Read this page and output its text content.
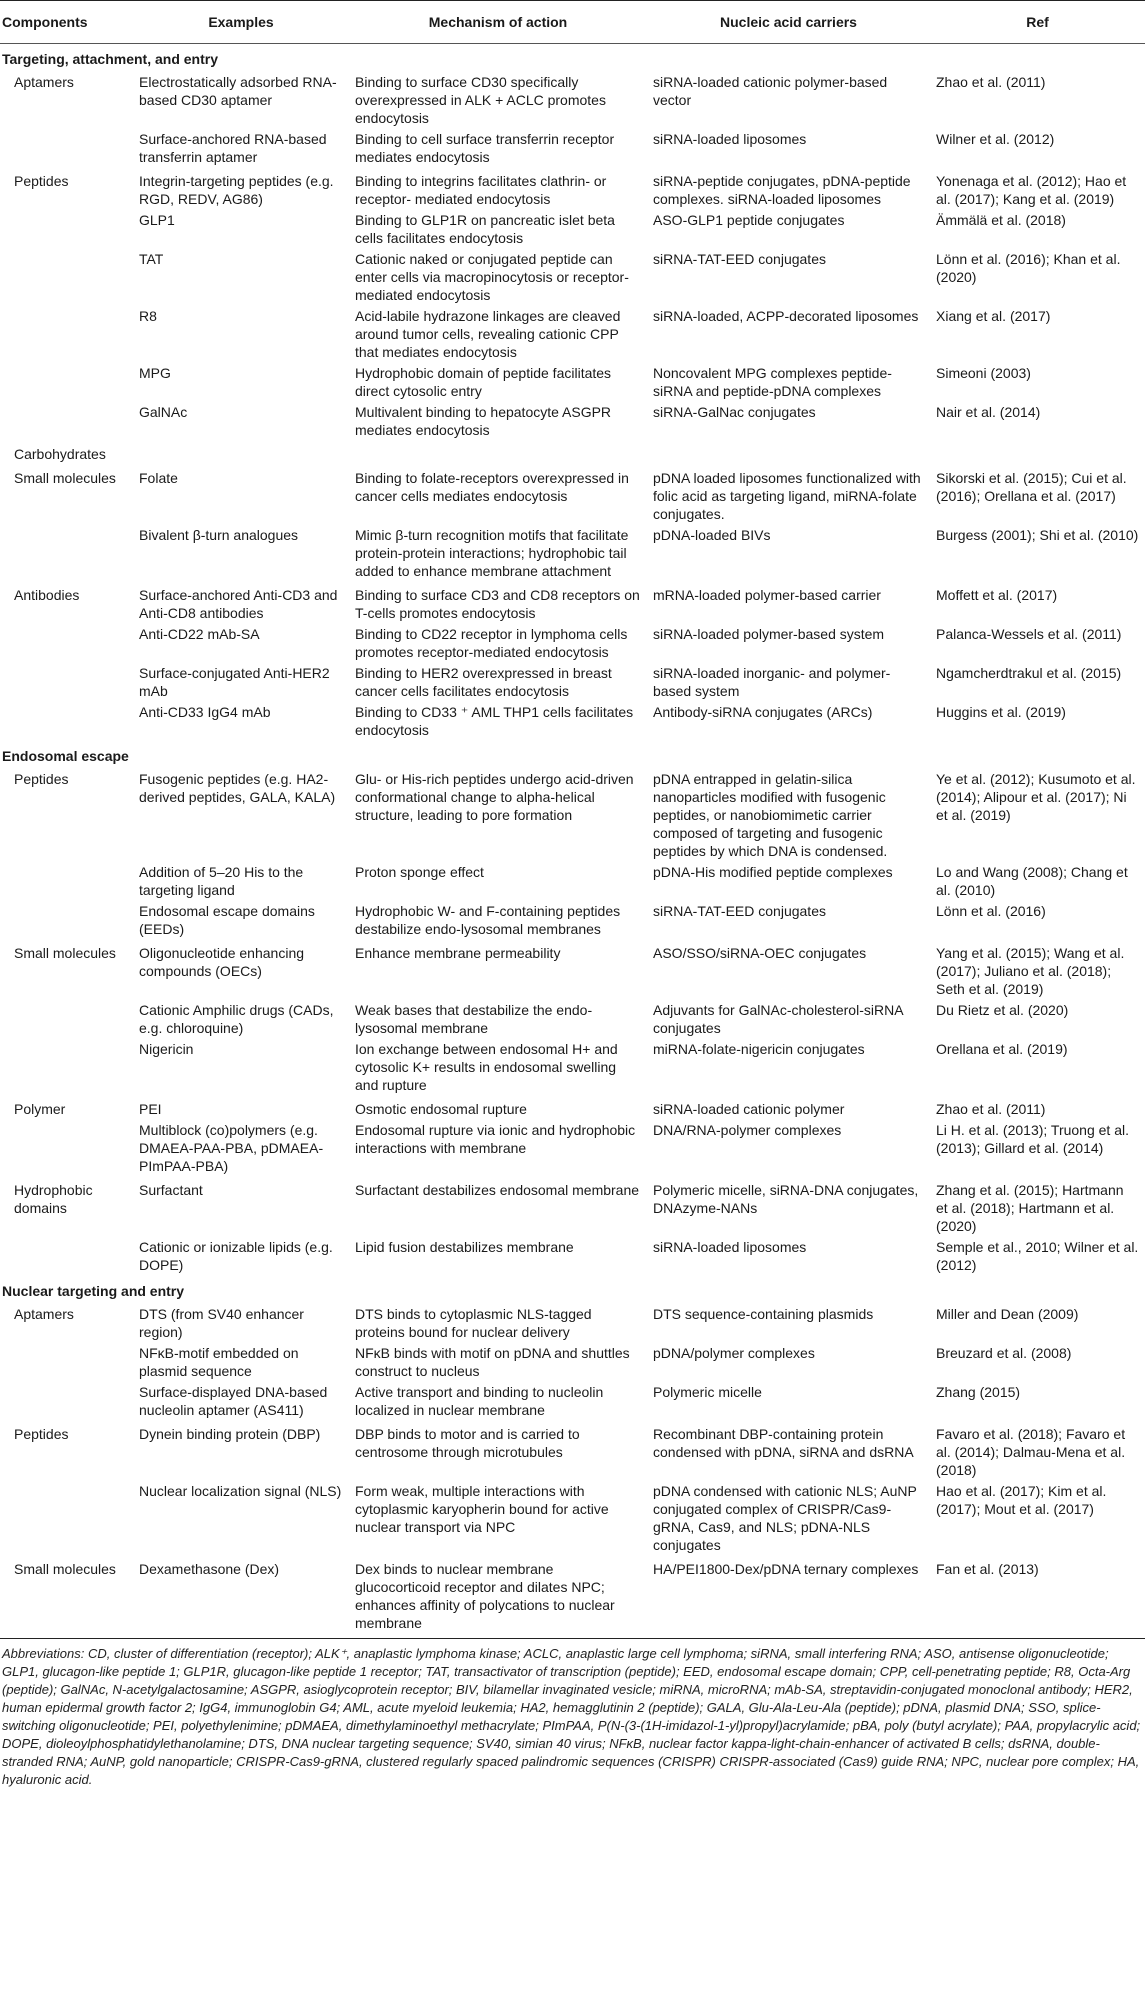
Components	Examples	Mechanism of action	Nucleic acid carriers	Ref
Targeting, attachment, and entry				
Aptamers	Electrostatically adsorbed RNA-based CD30 aptamer	Binding to surface CD30 specifically overexpressed in ALK + ACLC promotes endocytosis	siRNA-loaded cationic polymer-based vector	Zhao et al. (2011)
	Surface-anchored RNA-based transferrin aptamer	Binding to cell surface transferrin receptor mediates endocytosis	siRNA-loaded liposomes	Wilner et al. (2012)
Peptides	Integrin-targeting peptides (e.g. RGD, REDV, AG86)	Binding to integrins facilitates clathrin- or receptor- mediated endocytosis	siRNA-peptide conjugates, pDNA-peptide complexes. siRNA-loaded liposomes	Yonenaga et al. (2012); Hao et al. (2017); Kang et al. (2019)
	GLP1	Binding to GLP1R on pancreatic islet beta cells facilitates endocytosis	ASO-GLP1 peptide conjugates	Ämmälä et al. (2018)
	TAT	Cationic naked or conjugated peptide can enter cells via macropinocytosis or receptor-mediated endocytosis	siRNA-TAT-EED conjugates	Lönn et al. (2016); Khan et al. (2020)
	R8	Acid-labile hydrazone linkages are cleaved around tumor cells, revealing cationic CPP that mediates endocytosis	siRNA-loaded, ACPP-decorated liposomes	Xiang et al. (2017)
	MPG	Hydrophobic domain of peptide facilitates direct cytosolic entry	Noncovalent MPG complexes peptide-siRNA and peptide-pDNA complexes	Simeoni (2003)
	GalNAc	Multivalent binding to hepatocyte ASGPR mediates endocytosis	siRNA-GalNac conjugates	Nair et al. (2014)
Carbohydrates				
Small molecules	Folate	Binding to folate-receptors overexpressed in cancer cells mediates endocytosis	pDNA loaded liposomes functionalized with folic acid as targeting ligand, miRNA-folate conjugates.	Sikorski et al. (2015); Cui et al. (2016); Orellana et al. (2017)
	Bivalent β-turn analogues	Mimic β-turn recognition motifs that facilitate protein-protein interactions; hydrophobic tail added to enhance membrane attachment	pDNA-loaded BIVs	Burgess (2001); Shi et al. (2010)
Antibodies	Surface-anchored Anti-CD3 and Anti-CD8 antibodies	Binding to surface CD3 and CD8 receptors on T-cells promotes endocytosis	mRNA-loaded polymer-based carrier	Moffett et al. (2017)
	Anti-CD22 mAb-SA	Binding to CD22 receptor in lymphoma cells promotes receptor-mediated endocytosis	siRNA-loaded polymer-based system	Palanca-Wessels et al. (2011)
	Surface-conjugated Anti-HER2 mAb	Binding to HER2 overexpressed in breast cancer cells facilitates endocytosis	siRNA-loaded inorganic- and polymer-based system	Ngamcherdtrakul et al. (2015)
	Anti-CD33 IgG4 mAb	Binding to CD33 ⁺ AML THP1 cells facilitates endocytosis	Antibody-siRNA conjugates (ARCs)	Huggins et al. (2019)
Endosomal escape				
Peptides	Fusogenic peptides (e.g. HA2-derived peptides, GALA, KALA)	Glu- or His-rich peptides undergo acid-driven conformational change to alpha-helical structure, leading to pore formation	pDNA entrapped in gelatin-silica nanoparticles modified with fusogenic peptides, or nanobiomimetic carrier composed of targeting and fusogenic peptides by which DNA is condensed.	Ye et al. (2012); Kusumoto et al. (2014); Alipour et al. (2017); Ni et al. (2019)
	Addition of 5–20 His to the targeting ligand	Proton sponge effect	pDNA-His modified peptide complexes	Lo and Wang (2008); Chang et al. (2010)
	Endosomal escape domains (EEDs)	Hydrophobic W- and F-containing peptides destabilize endo-lysosomal membranes	siRNA-TAT-EED conjugates	Lönn et al. (2016)
Small molecules	Oligonucleotide enhancing compounds (OECs)	Enhance membrane permeability	ASO/SSO/siRNA-OEC conjugates	Yang et al. (2015); Wang et al. (2017); Juliano et al. (2018); Seth et al. (2019)
	Cationic Amphilic drugs (CADs, e.g. chloroquine)	Weak bases that destabilize the endo-lysosomal membrane	Adjuvants for GalNAc-cholesterol-siRNA conjugates	Du Rietz et al. (2020)
	Nigericin	Ion exchange between endosomal H+ and cytosolic K+ results in endosomal swelling and rupture	miRNA-folate-nigericin conjugates	Orellana et al. (2019)
Polymer	PEI	Osmotic endosomal rupture	siRNA-loaded cationic polymer	Zhao et al. (2011)
	Multiblock (co)polymers (e.g. DMAEA-PAA-PBA, pDMAEA-PImPAA-PBA)	Endosomal rupture via ionic and hydrophobic interactions with membrane	DNA/RNA-polymer complexes	Li H. et al. (2013); Truong et al. (2013); Gillard et al. (2014)
Hydrophobic domains	Surfactant	Surfactant destabilizes endosomal membrane	Polymeric micelle, siRNA-DNA conjugates, DNAzyme-NANs	Zhang et al. (2015); Hartmann et al. (2018); Hartmann et al. (2020)
	Cationic or ionizable lipids (e.g. DOPE)	Lipid fusion destabilizes membrane	siRNA-loaded liposomes	Semple et al., 2010; Wilner et al. (2012)
Nuclear targeting and entry				
Aptamers	DTS (from SV40 enhancer region)	DTS binds to cytoplasmic NLS-tagged proteins bound for nuclear delivery	DTS sequence-containing plasmids	Miller and Dean (2009)
	NFκB-motif embedded on plasmid sequence	NFκB binds with motif on pDNA and shuttles construct to nucleus	pDNA/polymer complexes	Breuzard et al. (2008)
	Surface-displayed DNA-based nucleolin aptamer (AS411)	Active transport and binding to nucleolin localized in nuclear membrane	Polymeric micelle	Zhang (2015)
Peptides	Dynein binding protein (DBP)	DBP binds to motor and is carried to centrosome through microtubules	Recombinant DBP-containing protein condensed with pDNA, siRNA and dsRNA	Favaro et al. (2018); Favaro et al. (2014); Dalmau-Mena et al. (2018)
	Nuclear localization signal (NLS)	Form weak, multiple interactions with cytoplasmic karyopherin bound for active nuclear transport via NPC	pDNA condensed with cationic NLS; AuNP conjugated complex of CRISPR/Cas9-gRNA, Cas9, and NLS; pDNA-NLS conjugates	Hao et al. (2017); Kim et al. (2017); Mout et al. (2017)
Small molecules	Dexamethasone (Dex)	Dex binds to nuclear membrane glucocorticoid receptor and dilates NPC; enhances affinity of polycations to nuclear membrane	HA/PEI1800-Dex/pDNA ternary complexes	Fan et al. (2013)
Abbreviations: CD, cluster of differentiation (receptor); ALK⁺, anaplastic lymphoma kinase; ACLC, anaplastic large cell lymphoma; siRNA, small interfering RNA; ASO, antisense oligonucleotide; GLP1, glucagon-like peptide 1; GLP1R, glucagon-like peptide 1 receptor; TAT, transactivator of transcription (peptide); EED, endosomal escape domain; CPP, cell-penetrating peptide; R8, Octa-Arg (peptide); GalNAc, N-acetylgalactosamine; ASGPR, asioglycoprotein receptor; BIV, bilamellar invaginated vesicle; miRNA, microRNA; mAb-SA, streptavidin-conjugated monoclonal antibody; HER2, human epidermal growth factor 2; IgG4, immunoglobin G4; AML, acute myeloid leukemia; HA2, hemagglutinin 2 (peptide); GALA, Glu-Ala-Leu-Ala (peptide); pDNA, plasmid DNA; SSO, splice-switching oligonucleotide; PEI, polyethylenimine; pDMAEA, dimethylaminoethyl methacrylate; PImPAA, P(N-(3-(1H-imidazol-1-yl)propyl)acrylamide; pBA, poly (butyl acrylate); PAA, propylacrylic acid; DOPE, dioleoylphosphatidylethanolamine; DTS, DNA nuclear targeting sequence; SV40, simian 40 virus; NFκB, nuclear factor kappa-light-chain-enhancer of activated B cells; dsRNA, double-stranded RNA; AuNP, gold nanoparticle; CRISPR-Cas9-gRNA, clustered regularly spaced palindromic sequences (CRISPR) CRISPR-associated (Cas9) guide RNA; NPC, nuclear pore complex; HA, hyaluronic acid.
